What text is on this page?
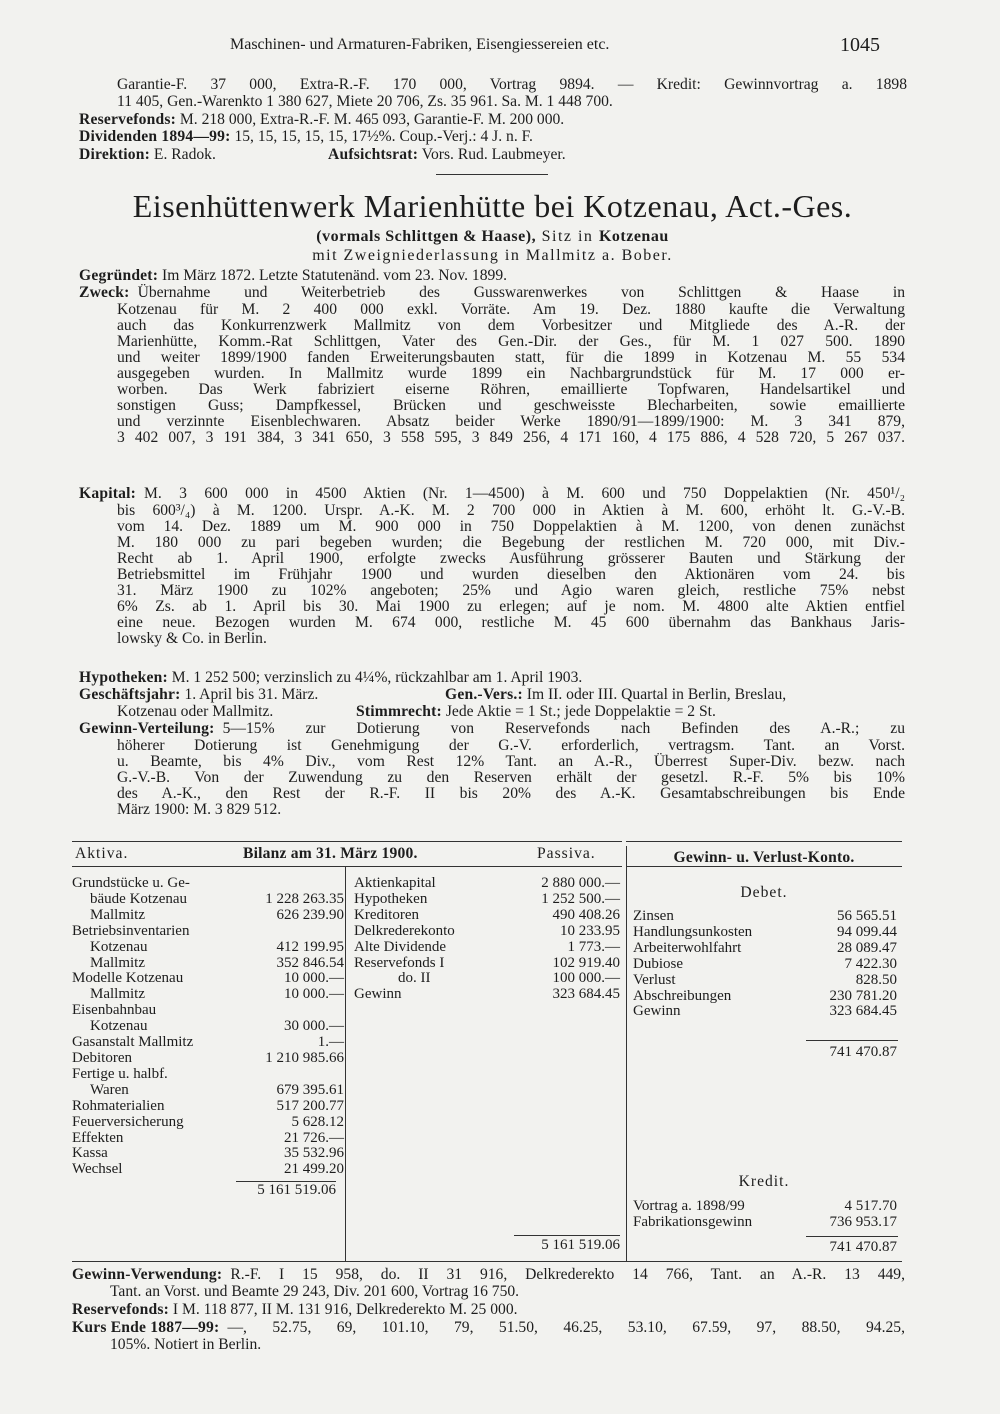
Maschinen- und Armaturen-Fabriken, Eisengiessereien etc.	1045
Garantie-F. 37 000, Extra-R.-F. 170 000, Vortrag 9894. — Kredit: Gewinnvortrag a. 1898
11 405, Gen.-Warenkto 1 380 627, Miete 20 706, Zs. 35 961. Sa. M. 1 448 700.
Reservefonds: M. 218 000, Extra-R.-F. M. 465 093, Garantie-F. M. 200 000.
Dividenden 1894—99: 15, 15, 15, 15, 15, 17½%. Coup.-Verj.: 4 J. n. F.
Direktion: E. Radok.	Aufsichtsrat: Vors. Rud. Laubmeyer.
Eisenhüttenwerk Marienhütte bei Kotzenau, Act.-Ges.
(vormals Schlittgen & Haase), Sitz in Kotzenau
mit Zweigniederlassung in Mallmitz a. Bober.
Gegründet: Im März 1872. Letzte Statutenänd. vom 23. Nov. 1899.
Zweck: Übernahme und Weiterbetrieb des Gusswarenwerkes von Schlittgen & Haase in
Kotzenau für M. 2 400 000 exkl. Vorräte. Am 19. Dez. 1880 kaufte die Verwaltung
auch das Konkurrenzwerk Mallmitz von dem Vorbesitzer und Mitgliede des A.-R. der
Marienhütte, Komm.-Rat Schlittgen, Vater des Gen.-Dir. der Ges., für M. 1 027 500. 1890
und weiter 1899/1900 fanden Erweiterungsbauten statt, für die 1899 in Kotzenau M. 55 534
ausgegeben wurden. In Mallmitz wurde 1899 ein Nachbargrundstück für M. 17 000 er-
worben. Das Werk fabriziert eiserne Röhren, emaillierte Topfwaren, Handelsartikel und
sonstigen Guss; Dampfkessel, Brücken und geschweisste Blecharbeiten, sowie emaillierte
und verzinnte Eisenblechwaren. Absatz beider Werke 1890/91—1899/1900: M. 3 341 879,
3 402 007, 3 191 384, 3 341 650, 3 558 595, 3 849 256, 4 171 160, 4 175 886, 4 528 720, 5 267 037.
Kapital: M. 3 600 000 in 4500 Aktien (Nr. 1—4500) à M. 600 und 750 Doppelaktien (Nr. 450¹/₂
bis 600³/₄) à M. 1200. Urspr. A.-K. M. 2 700 000 in Aktien à M. 600, erhöht lt. G.-V.-B.
vom 14. Dez. 1889 um M. 900 000 in 750 Doppelaktien à M. 1200, von denen zunächst
M. 180 000 zu pari begeben wurden; die Begebung der restlichen M. 720 000, mit Div.-
Recht ab 1. April 1900, erfolgte zwecks Ausführung grösserer Bauten und Stärkung der
Betriebsmittel im Frühjahr 1900 und wurden dieselben den Aktionären vom 24. bis
31. März 1900 zu 102% angeboten; 25% und Agio waren gleich, restliche 75% nebst
6% Zs. ab 1. April bis 30. Mai 1900 zu erlegen; auf je nom. M. 4800 alte Aktien entfiel
eine neue. Bezogen wurden M. 674 000, restliche M. 45 600 übernahm das Bankhaus Jaris-
lowsky & Co. in Berlin.
Hypotheken: M. 1 252 500; verzinslich zu 4¼%, rückzahlbar am 1. April 1903.
Geschäftsjahr: 1. April bis 31. März.	Gen.-Vers.: Im II. oder III. Quartal in Berlin, Breslau,
Kotzenau oder Mallmitz.	Stimmrecht: Jede Aktie = 1 St.; jede Doppelaktie = 2 St.
Gewinn-Verteilung: 5—15% zur Dotierung von Reservefonds nach Befinden des A.-R.; zu
höherer Dotierung ist Genehmigung der G.-V. erforderlich, vertragsm. Tant. an Vorst.
u. Beamte, bis 4% Div., vom Rest 12% Tant. an A.-R., Überrest Super-Div. bezw. nach
G.-V.-B. Von der Zuwendung zu den Reserven erhält der gesetzl. R.-F. 5% bis 10%
des A.-K., den Rest der R.-F. II bis 20% des A.-K. Gesamtabschreibungen bis Ende
März 1900: M. 3 829 512.
Aktiva.	Bilanz am 31. März 1900.	Passiva.
Grundstücke u. Ge-
bäude Kotzenau	1 228 263.35
Mallmitz	626 239.90
Betriebsinventarien
Kotzenau	412 199.95
Mallmitz	352 846.54
Modelle Kotzenau	10 000.—
Mallmitz	10 000.—
Eisenbahnbau
Kotzenau	30 000.—
Gasanstalt Mallmitz	1.—
Debitoren	1 210 985.66
Fertige u. halbf.
Waren	679 395.61
Rohmaterialien	517 200.77
Feuerversicherung	5 628.12
Effekten	21 726.—
Kassa	35 532.96
Wechsel	21 499.20
5 161 519.06
Aktienkapital	2 880 000.—
Hypotheken	1 252 500.—
Kreditoren	490 408.26
Delkrederekonto	10 233.95
Alte Dividende	1 773.—
Reservefonds I	102 919.40
do. II	100 000.—
Gewinn	323 684.45
5 161 519.06
Gewinn- u. Verlust-Konto.
Debet.
Zinsen	56 565.51
Handlungsunkosten	94 099.44
Arbeiterwohlfahrt	28 089.47
Dubiose	7 422.30
Verlust	828.50
Abschreibungen	230 781.20
Gewinn	323 684.45
741 470.87
Kredit.
Vortrag a. 1898/99	4 517.70
Fabrikationsgewinn	736 953.17
741 470.87
Gewinn-Verwendung: R.-F. I 15 958, do. II 31 916, Delkrederekto 14 766, Tant. an A.-R. 13 449,
Tant. an Vorst. und Beamte 29 243, Div. 201 600, Vortrag 16 750.
Reservefonds: I M. 118 877, II M. 131 916, Delkrederekto M. 25 000.
Kurs Ende 1887—99: —, 52.75, 69, 101.10, 79, 51.50, 46.25, 53.10, 67.59, 97, 88.50, 94.25,
105%. Notiert in Berlin.
